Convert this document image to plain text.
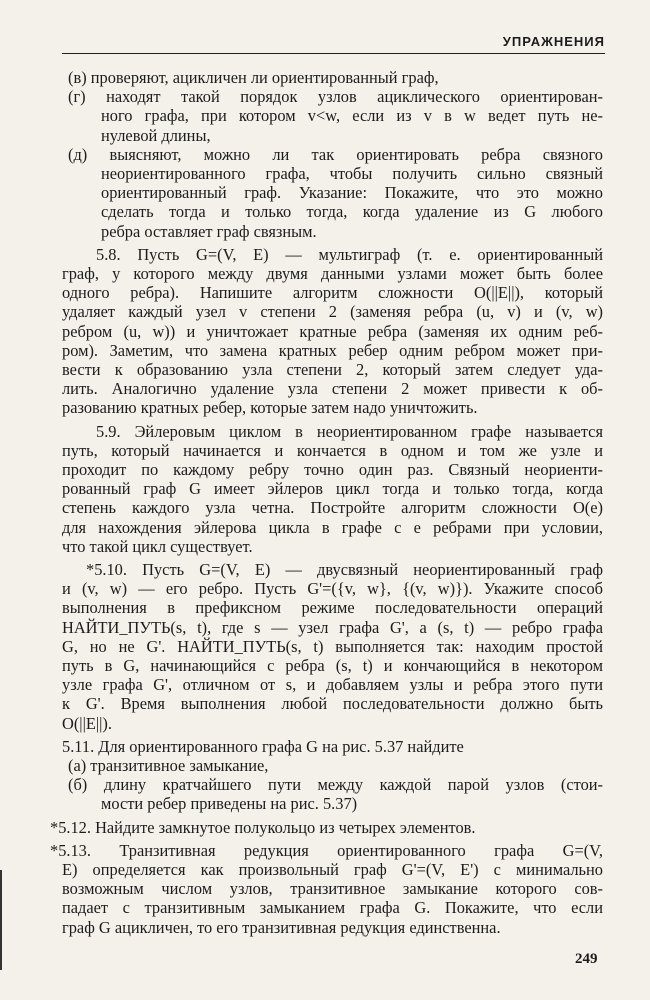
УПРАЖНЕНИЯ

(в) проверяют, ацикличен ли ориентированный граф,

(г) находят такой порядок узлов ациклического ориентирован-

ного графа, при котором v<w, если из v в w ведет путь не-

нулевой длины,

(д) выясняют, можно ли так ориентировать ребра связного

неориентированного графа, чтобы получить сильно связный

ориентированный граф. Указание: Покажите, что это можно

сделать тогда и только тогда, когда удаление из G любого

ребра оставляет граф связным.

5.8. Пусть G=(V, E) — мультиграф (т. е. ориентированный

граф, у которого между двумя данными узлами может быть более

одного ребра). Напишите алгоритм сложности O(||E||), который

удаляет каждый узел v степени 2 (заменяя ребра (u, v) и (v, w)

ребром (u, w)) и уничтожает кратные ребра (заменяя их одним реб-

ром). Заметим, что замена кратных ребер одним ребром может при-

вести к образованию узла степени 2, который затем следует уда-

лить. Аналогично удаление узла степени 2 может привести к об-

разованию кратных ребер, которые затем надо уничтожить.

5.9. Эйлеровым циклом в неориентированном графе называется

путь, который начинается и кончается в одном и том же узле и

проходит по каждому ребру точно один раз. Связный неориенти-

рованный граф G имеет эйлеров цикл тогда и только тогда, когда

степень каждого узла четна. Постройте алгоритм сложности O(e)

для нахождения эйлерова цикла в графе с e ребрами при условии,

что такой цикл существует.

*5.10. Пусть G=(V, E) — двусвязный неориентированный граф

и (v, w) — его ребро. Пусть G'=({v, w}, {(v, w)}). Укажите способ

выполнения в префиксном режиме последовательности операций

НАЙТИ_ПУТЬ(s, t), где s — узел графа G', а (s, t) — ребро графа

G, но не G'. НАЙТИ_ПУТЬ(s, t) выполняется так: находим простой

путь в G, начинающийся с ребра (s, t) и кончающийся в некотором

узле графа G', отличном от s, и добавляем узлы и ребра этого пути

к G'. Время выполнения любой последовательности должно быть

O(||E||).

5.11. Для ориентированного графа G на рис. 5.37 найдите

(а) транзитивное замыкание,

(б) длину кратчайшего пути между каждой парой узлов (стои-

мости ребер приведены на рис. 5.37)

*5.12. Найдите замкнутое полукольцо из четырех элементов.

*5.13. Транзитивная редукция ориентированного графа G=(V,

E) определяется как произвольный граф G'=(V, E') с минимально

возможным числом узлов, транзитивное замыкание которого сов-

падает с транзитивным замыканием графа G. Покажите, что если

граф G ацикличен, то его транзитивная редукция единственна.

249
